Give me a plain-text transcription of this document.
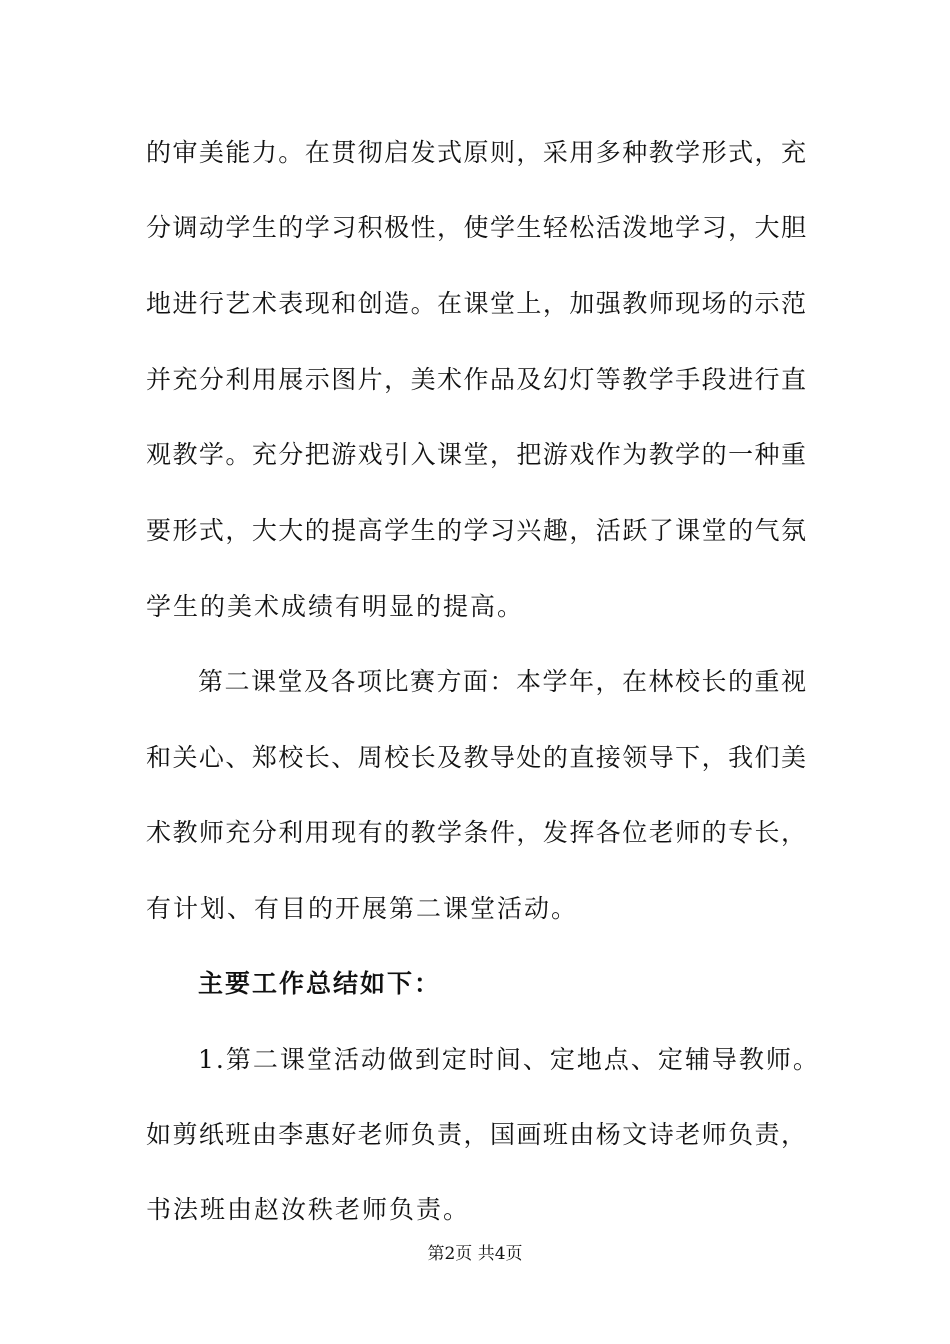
的审美能力。在贯彻启发式原则，采用多种教学形式，充
分调动学生的学习积极性，使学生轻松活泼地学习，大胆
地进行艺术表现和创造。在课堂上，加强教师现场的示范
并充分利用展示图片，美术作品及幻灯等教学手段进行直
观教学。充分把游戏引入课堂，把游戏作为教学的一种重
要形式，大大的提高学生的学习兴趣，活跃了课堂的气氛
学生的美术成绩有明显的提高。
第二课堂及各项比赛方面：本学年，在林校长的重视
和关心、郑校长、周校长及教导处的直接领导下，我们美
术教师充分利用现有的教学条件，发挥各位老师的专长，
有计划、有目的开展第二课堂活动。
主要工作总结如下：
1.第二课堂活动做到定时间、定地点、定辅导教师。
如剪纸班由李惠好老师负责，国画班由杨文诗老师负责，
书法班由赵汝秩老师负责。
第2页 共4页
